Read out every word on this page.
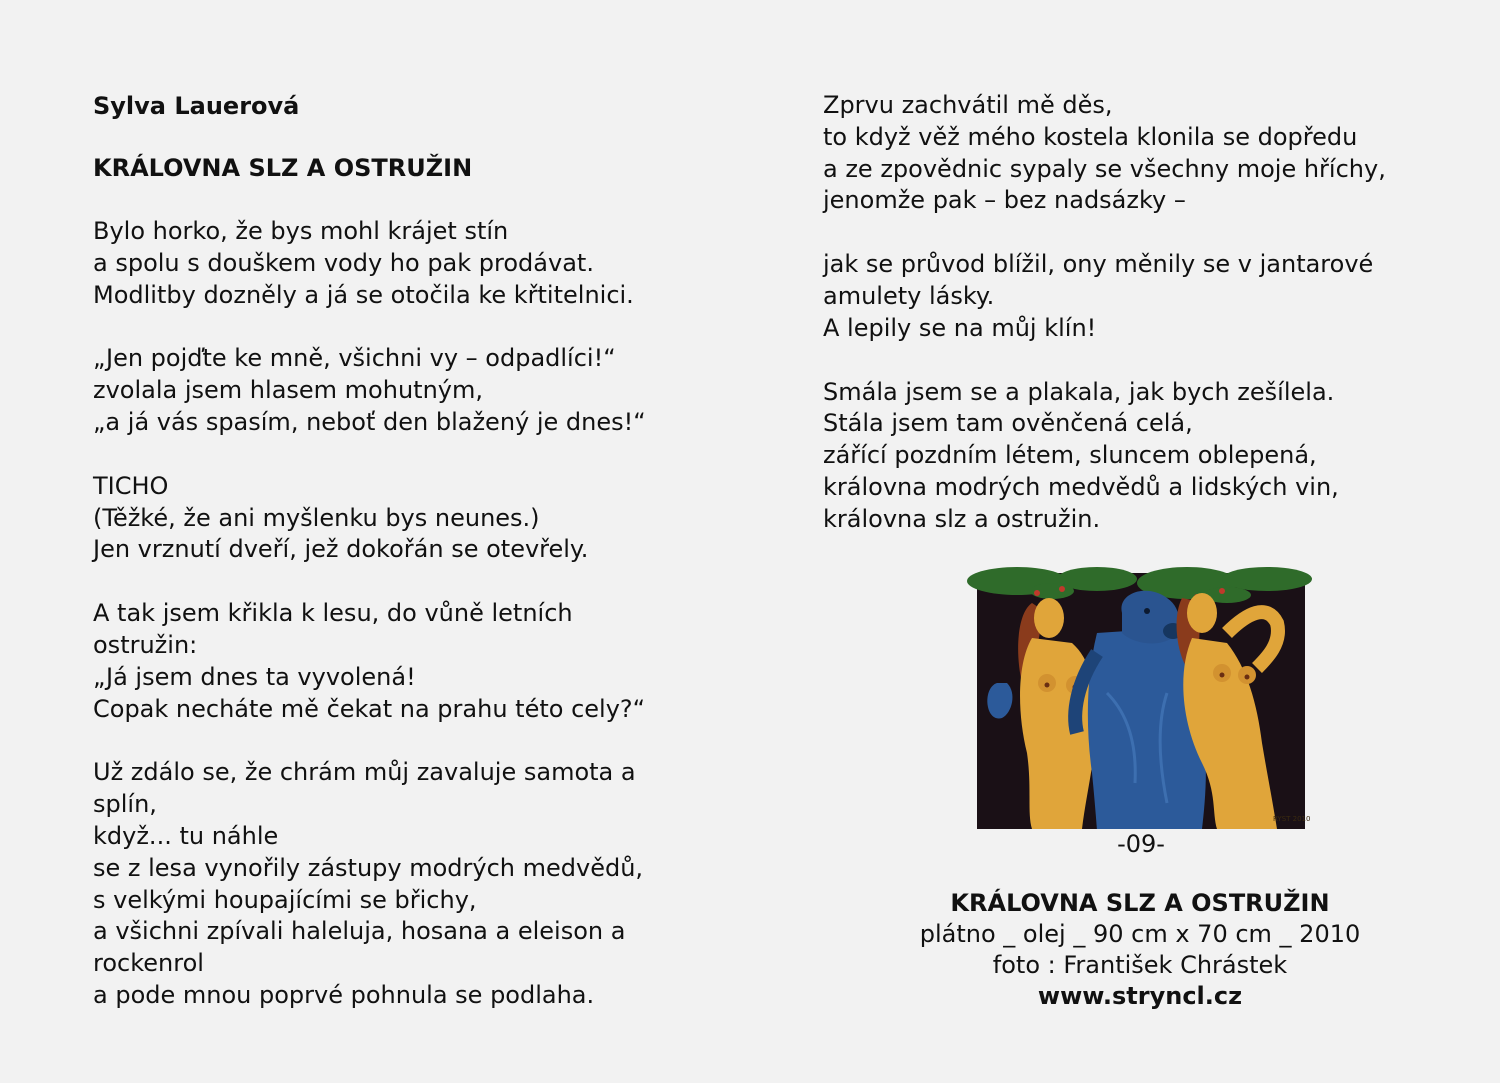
Sylva Lauerová
KRÁLOVNA SLZ A OSTRUŽIN
Bylo horko, že bys mohl krájet stín
a spolu s douškem vody ho pak prodávat.
Modlitby dozněly a já se otočila ke křtitelnici.
„Jen pojďte ke mně, všichni vy – odpadlíci!“
zvolala jsem hlasem mohutným,
„a já vás spasím, neboť den blažený je dnes!“
TICHO
(Těžké, že ani myšlenku bys neunes.)
Jen vrznutí dveří, jež dokořán se otevřely.
A tak jsem křikla k lesu, do vůně letních
ostružin:
„Já jsem dnes ta vyvolená!
Copak necháte mě čekat na prahu této cely?“
Už zdálo se, že chrám můj zavaluje samota a
splín,
když... tu náhle
se z lesa vynořily zástupy modrých medvědů,
s velkými houpajícími se břichy,
a všichni zpívali haleluja, hosana a eleison a
rockenrol
a pode mnou poprvé pohnula se podlaha.
Zprvu zachvátil mě děs,
to když věž mého kostela klonila se dopředu
a ze zpovědnic sypaly se všechny moje hříchy,
jenomže pak – bez nadsázky –
jak se průvod blížil, ony měnily se v jantarové
amulety lásky.
A lepily se na můj klín!
Smála jsem se a plakala, jak bych zešílela.
Stála jsem tam ověnčená celá,
zářící pozdním létem, sluncem oblepená,
královna modrých medvědů a lidských vin,
královna slz a ostružin.
RYST 2010
-09-
KRÁLOVNA SLZ A OSTRUŽIN
plátno _ olej _ 90 cm x 70 cm _ 2010
foto : František Chrástek
www.stryncl.cz
